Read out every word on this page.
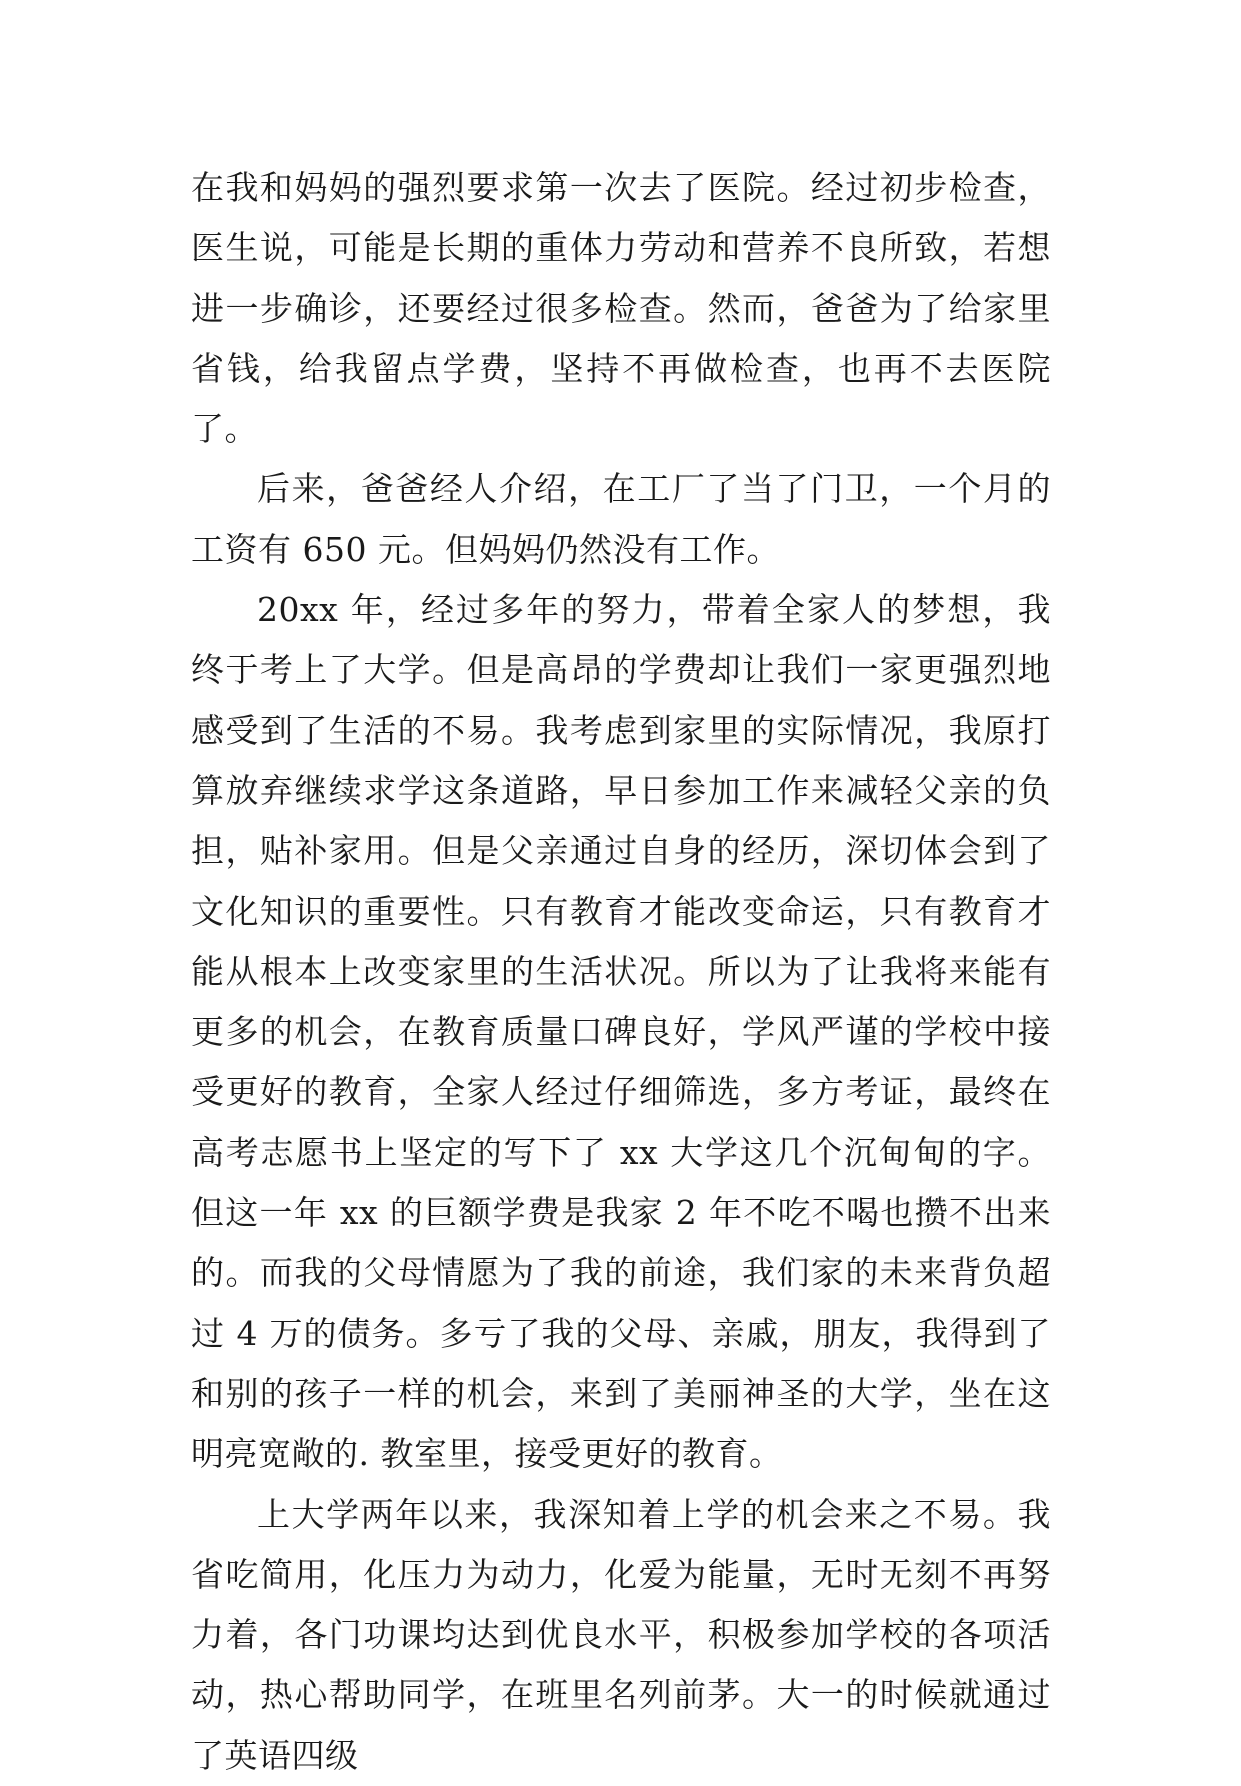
在我和妈妈的强烈要求第一次去了医院。经过初步检查，医生说，可能是长期的重体力劳动和营养不良所致，若想进一步确诊，还要经过很多检查。然而，爸爸为了给家里省钱，给我留点学费，坚持不再做检查，也再不去医院了。

后来，爸爸经人介绍，在工厂了当了门卫，一个月的工资有 650 元。但妈妈仍然没有工作。

20xx 年，经过多年的努力，带着全家人的梦想，我终于考上了大学。但是高昂的学费却让我们一家更强烈地感受到了生活的不易。我考虑到家里的实际情况，我原打算放弃继续求学这条道路，早日参加工作来减轻父亲的负担，贴补家用。但是父亲通过自身的经历，深切体会到了文化知识的重要性。只有教育才能改变命运，只有教育才能从根本上改变家里的生活状况。所以为了让我将来能有更多的机会，在教育质量口碑良好，学风严谨的学校中接受更好的教育，全家人经过仔细筛选，多方考证，最终在高考志愿书上坚定的写下了 xx 大学这几个沉甸甸的字。但这一年 xx 的巨额学费是我家 2 年不吃不喝也攒不出来的。而我的父母情愿为了我的前途，我们家的未来背负超过 4 万的债务。多亏了我的父母、亲戚，朋友，我得到了和别的孩子一样的机会，来到了美丽神圣的大学，坐在这明亮宽敞的. 教室里，接受更好的教育。

上大学两年以来，我深知着上学的机会来之不易。我省吃简用，化压力为动力，化爱为能量，无时无刻不再努力着，各门功课均达到优良水平，积极参加学校的各项活动，热心帮助同学，在班里名列前茅。大一的时候就通过了英语四级
